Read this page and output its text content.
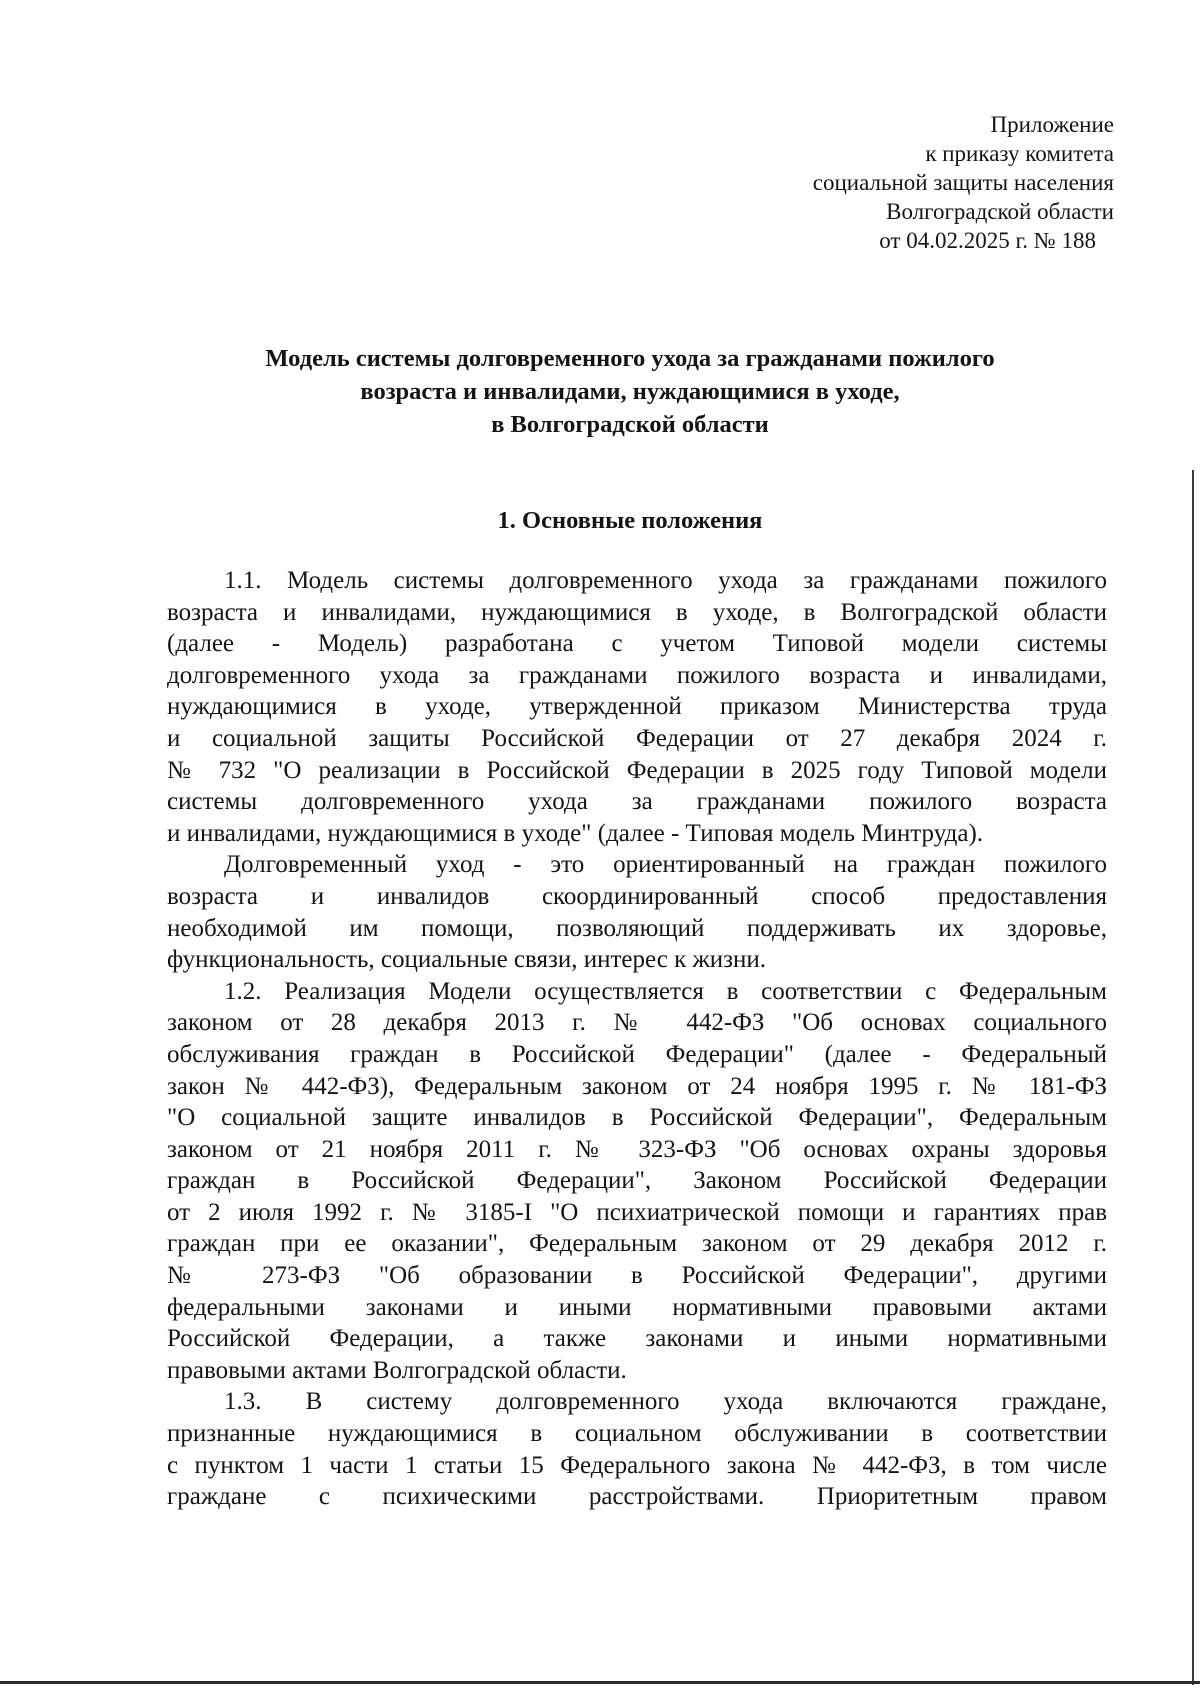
Приложение
к приказу комитета
социальной защиты населения
Волгоградской области
от 04.02.2025 г. № 188
Модель системы долговременного ухода за гражданами пожилого
возраста и инвалидами, нуждающимися в уходе,
в Волгоградской области
1. Основные положения
1.1. Модель системы долговременного ухода за гражданами пожилого
возраста и инвалидами, нуждающимися в уходе, в Волгоградской области
(далее - Модель) разработана с учетом Типовой модели системы
долговременного ухода за гражданами пожилого возраста и инвалидами,
нуждающимися в уходе, утвержденной приказом Министерства труда
и социальной защиты Российской Федерации от 27 декабря 2024 г.
№ 732 "О реализации в Российской Федерации в 2025 году Типовой модели
системы долговременного ухода за гражданами пожилого возраста
и инвалидами, нуждающимися в уходе" (далее - Типовая модель Минтруда).
Долговременный уход - это ориентированный на граждан пожилого
возраста и инвалидов скоординированный способ предоставления
необходимой им помощи, позволяющий поддерживать их здоровье,
функциональность, социальные связи, интерес к жизни.
1.2. Реализация Модели осуществляется в соответствии с Федеральным
законом от 28 декабря 2013 г. № 442-ФЗ "Об основах социального
обслуживания граждан в Российской Федерации" (далее - Федеральный
закон № 442-ФЗ), Федеральным законом от 24 ноября 1995 г. № 181-ФЗ
"О социальной защите инвалидов в Российской Федерации", Федеральным
законом от 21 ноября 2011 г. № 323-ФЗ "Об основах охраны здоровья
граждан в Российской Федерации", Законом Российской Федерации
от 2 июля 1992 г. № 3185-I "О психиатрической помощи и гарантиях прав
граждан при ее оказании", Федеральным законом от 29 декабря 2012 г.
№ 273-ФЗ "Об образовании в Российской Федерации", другими
федеральными законами и иными нормативными правовыми актами
Российской Федерации, а также законами и иными нормативными
правовыми актами Волгоградской области.
1.3. В систему долговременного ухода включаются граждане,
признанные нуждающимися в социальном обслуживании в соответствии
с пунктом 1 части 1 статьи 15 Федерального закона № 442-ФЗ, в том числе
граждане с психическими расстройствами. Приоритетным правом
